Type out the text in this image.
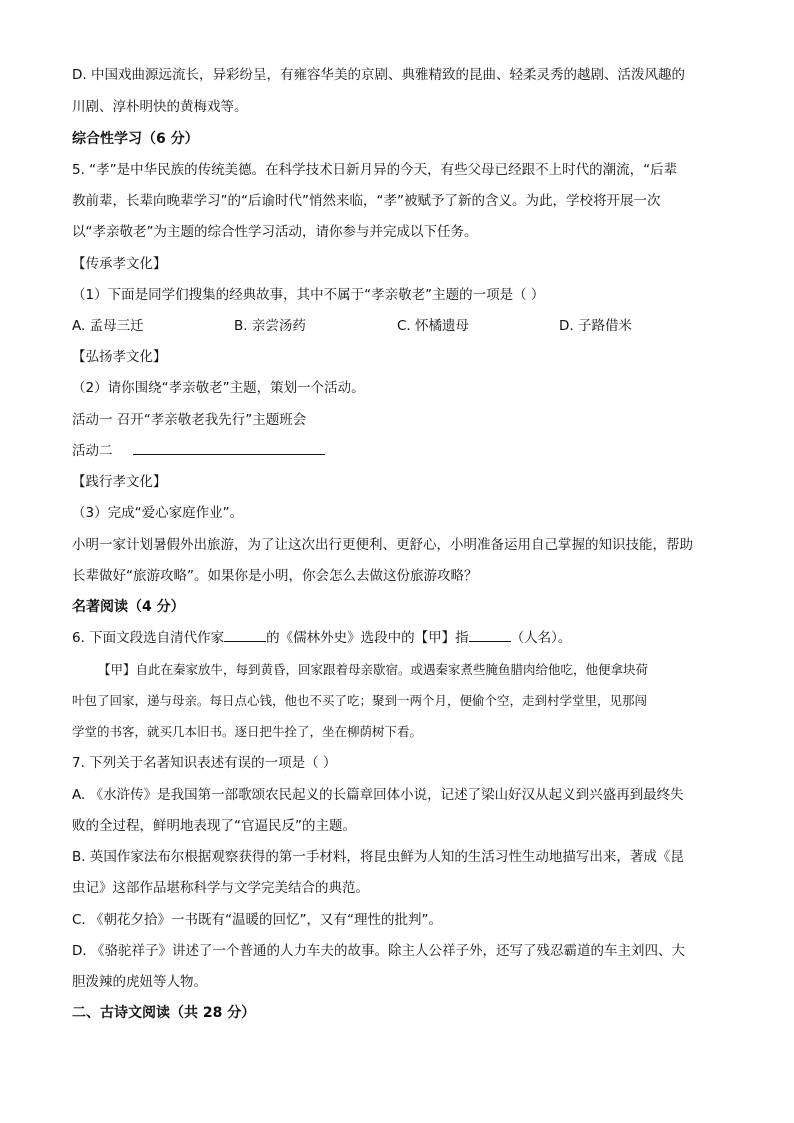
D. 中国戏曲源远流长，异彩纷呈，有雍容华美的京剧、典雅精致的昆曲、轻柔灵秀的越剧、活泼风趣的
川剧、淳朴明快的黄梅戏等。
综合性学习（6 分）
5. “孝”是中华民族的传统美德。在科学技术日新月异的今天，有些父母已经跟不上时代的潮流，“后辈
教前辈，长辈向晚辈学习”的“后谕时代”悄然来临，“孝”被赋予了新的含义。为此，学校将开展一次
以“孝亲敬老”为主题的综合性学习活动，请你参与并完成以下任务。
【传承孝文化】
（1）下面是同学们搜集的经典故事，其中不属于“孝亲敬老”主题的一项是（ ）
A. 孟母三迁	B. 亲尝汤药	C. 怀橘遗母	D. 子路借米
【弘扬孝文化】
（2）请你围绕“孝亲敬老”主题，策划一个活动。
活动一 召开“孝亲敬老我先行”主题班会
活动二
【践行孝文化】
（3）完成“爱心家庭作业”。
小明一家计划暑假外出旅游，为了让这次出行更便利、更舒心，小明准备运用自己掌握的知识技能，帮助
长辈做好“旅游攻略”。如果你是小明，你会怎么去做这份旅游攻略？
名著阅读（4 分）
6. 下面文段选自清代作家	的《儒林外史》选段中的【甲】指	（人名）。
【甲】自此在秦家放牛，每到黄昏，回家跟着母亲歇宿。或遇秦家煮些腌鱼腊肉给他吃，他便拿块荷
叶包了回家，递与母亲。每日点心钱，他也不买了吃；聚到一两个月，便偷个空，走到村学堂里，见那闯
学堂的书客，就买几本旧书。逐日把牛拴了，坐在柳荫树下看。
7. 下列关于名著知识表述有误的一项是（ ）
A. 《水浒传》是我国第一部歌颂农民起义的长篇章回体小说，记述了梁山好汉从起义到兴盛再到最终失
败的全过程，鲜明地表现了“官逼民反”的主题。
B. 英国作家法布尔根据观察获得的第一手材料，将昆虫鲜为人知的生活习性生动地描写出来，著成《昆
虫记》这部作品堪称科学与文学完美结合的典范。
C. 《朝花夕拾》一书既有“温暖的回忆”，又有“理性的批判”。
D. 《骆驼祥子》讲述了一个普通的人力车夫的故事。除主人公祥子外，还写了残忍霸道的车主刘四、大
胆泼辣的虎妞等人物。
二、古诗文阅读（共 28 分）
